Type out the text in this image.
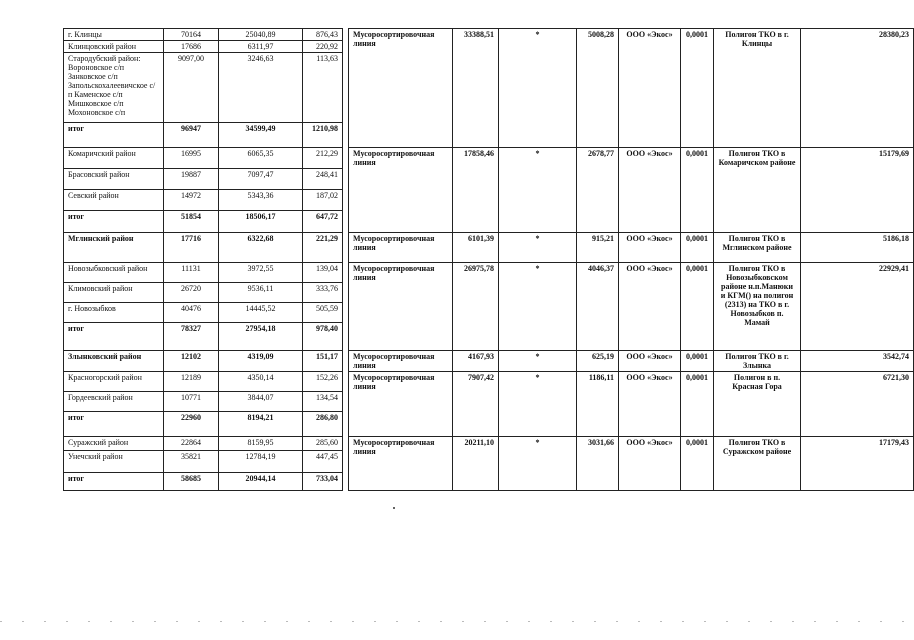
г. Клинцы	70164	25040,89	876,43
Клинцовский район	17686	6311,97	220,92
Стародубский район: Вороновское с/п Занковское с/п Запольскохалеевичское с/п Каменское с/п Мишковское с/п Мохоновское с/п	9097,00	3246,63	113,63
итог	96947	34599,49	1210,98
Комаричский район	16995	6065,35	212,29
Брасовский район	19887	7097,47	248,41
Севский район	14972	5343,36	187,02
итог	51854	18506,17	647,72
Мглинский район	17716	6322,68	221,29
Новозыбковский район	11131	3972,55	139,04
Климовский район	26720	9536,11	333,76
г. Новозыбков	40476	14445,52	505,59
итог	78327	27954,18	978,40
Злынковский район	12102	4319,09	151,17
Красногорский район	12189	4350,14	152,26
Гордеевский район	10771	3844,07	134,54
итог	22960	8194,21	286,80
Суражский район	22864	8159,95	285,60
Унечский район	35821	12784,19	447,45
итог	58685	20944,14	733,04
Мусоросортировочная линия	33388,51	*	5008,28	ООО «Экос»	0,0001	Полигон ТКО в г. Клинцы	28380,23
Мусоросортировочная линия	17858,46	*	2678,77	ООО «Экос»	0,0001	Полигон ТКО в Комаричском районе	15179,69
Мусоросортировочная линия	6101,39	*	915,21	ООО «Экос»	0,0001	Полигон ТКО в Мглинском районе	5186,18
Мусоросортировочная линия	26975,78	*	4046,37	ООО «Экос»	0,0001	Полигон ТКО в Новозыбковском районе н.п.Манюки и КГМ() на полигон (2313) на ТКО в г. Новозыбков п. Мамай	22929,41
Мусоросортировочная линия	4167,93	*	625,19	ООО «Экос»	0,0001	Полигон ТКО в г. Злынка	3542,74
Мусоросортировочная линия	7907,42	*	1186,11	ООО «Экос»	0,0001	Полигон в п. Красная Гора	6721,30
Мусоросортировочная линия	20211,10	*	3031,66	ООО «Экос»	0,0001	Полигон ТКО в Суражском районе	17179,43
